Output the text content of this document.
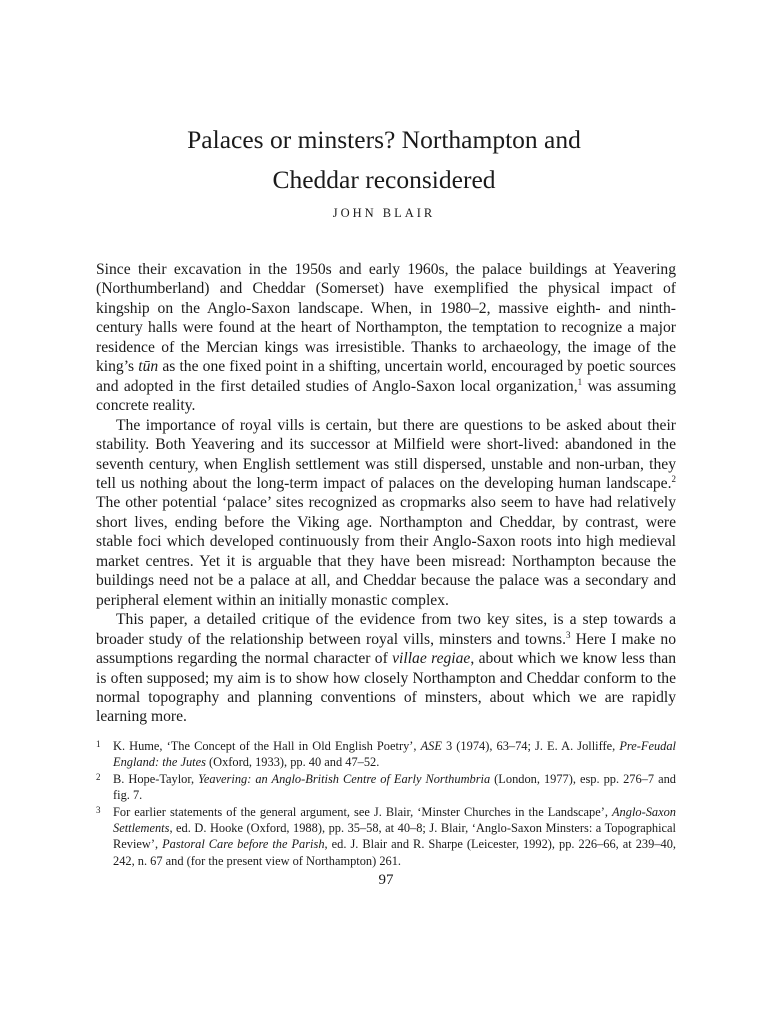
Palaces or minsters? Northampton and
Cheddar reconsidered
JOHN BLAIR

Since their excavation in the 1950s and early 1960s, the palace buildings at Yeavering (Northumberland) and Cheddar (Somerset) have exemplified the physical impact of kingship on the Anglo-Saxon landscape. When, in 1980–2, massive eighth- and ninth-century halls were found at the heart of Northampton, the temptation to recognize a major residence of the Mercian kings was irresistible. Thanks to archaeology, the image of the king’s tūn as the one fixed point in a shifting, uncertain world, encouraged by poetic sources and adopted in the first detailed studies of Anglo-Saxon local organization,$^1$ was assuming concrete reality.

The importance of royal vills is certain, but there are questions to be asked about their stability. Both Yeavering and its successor at Milfield were short-lived: abandoned in the seventh century, when English settlement was still dispersed, unstable and non-urban, they tell us nothing about the long-term impact of palaces on the developing human landscape.$^2$ The other potential ‘palace’ sites recognized as cropmarks also seem to have had relatively short lives, ending before the Viking age. Northampton and Cheddar, by contrast, were stable foci which developed continuously from their Anglo-Saxon roots into high medieval market centres. Yet it is arguable that they have been misread: Northampton because the buildings need not be a palace at all, and Cheddar because the palace was a secondary and peripheral element within an initially monastic complex.

This paper, a detailed critique of the evidence from two key sites, is a step towards a broader study of the relationship between royal vills, minsters and towns.$^3$ Here I make no assumptions regarding the normal character of villae regiae, about which we know less than is often supposed; my aim is to show how closely Northampton and Cheddar conform to the normal topography and planning conventions of minsters, about which we are rapidly learning more.

1 K. Hume, ‘The Concept of the Hall in Old English Poetry’, ASE 3 (1974), 63–74; J. E. A. Jolliffe, Pre-Feudal England: the Jutes (Oxford, 1933), pp. 40 and 47–52.

2 B. Hope-Taylor, Yeavering: an Anglo-British Centre of Early Northumbria (London, 1977), esp. pp. 276–7 and fig. 7.

3 For earlier statements of the general argument, see J. Blair, ‘Minster Churches in the Landscape’, Anglo-Saxon Settlements, ed. D. Hooke (Oxford, 1988), pp. 35–58, at 40–8; J. Blair, ‘Anglo-Saxon Minsters: a Topographical Review’, Pastoral Care before the Parish, ed. J. Blair and R. Sharpe (Leicester, 1992), pp. 226–66, at 239–40, 242, n. 67 and (for the present view of Northampton) 261.

97
